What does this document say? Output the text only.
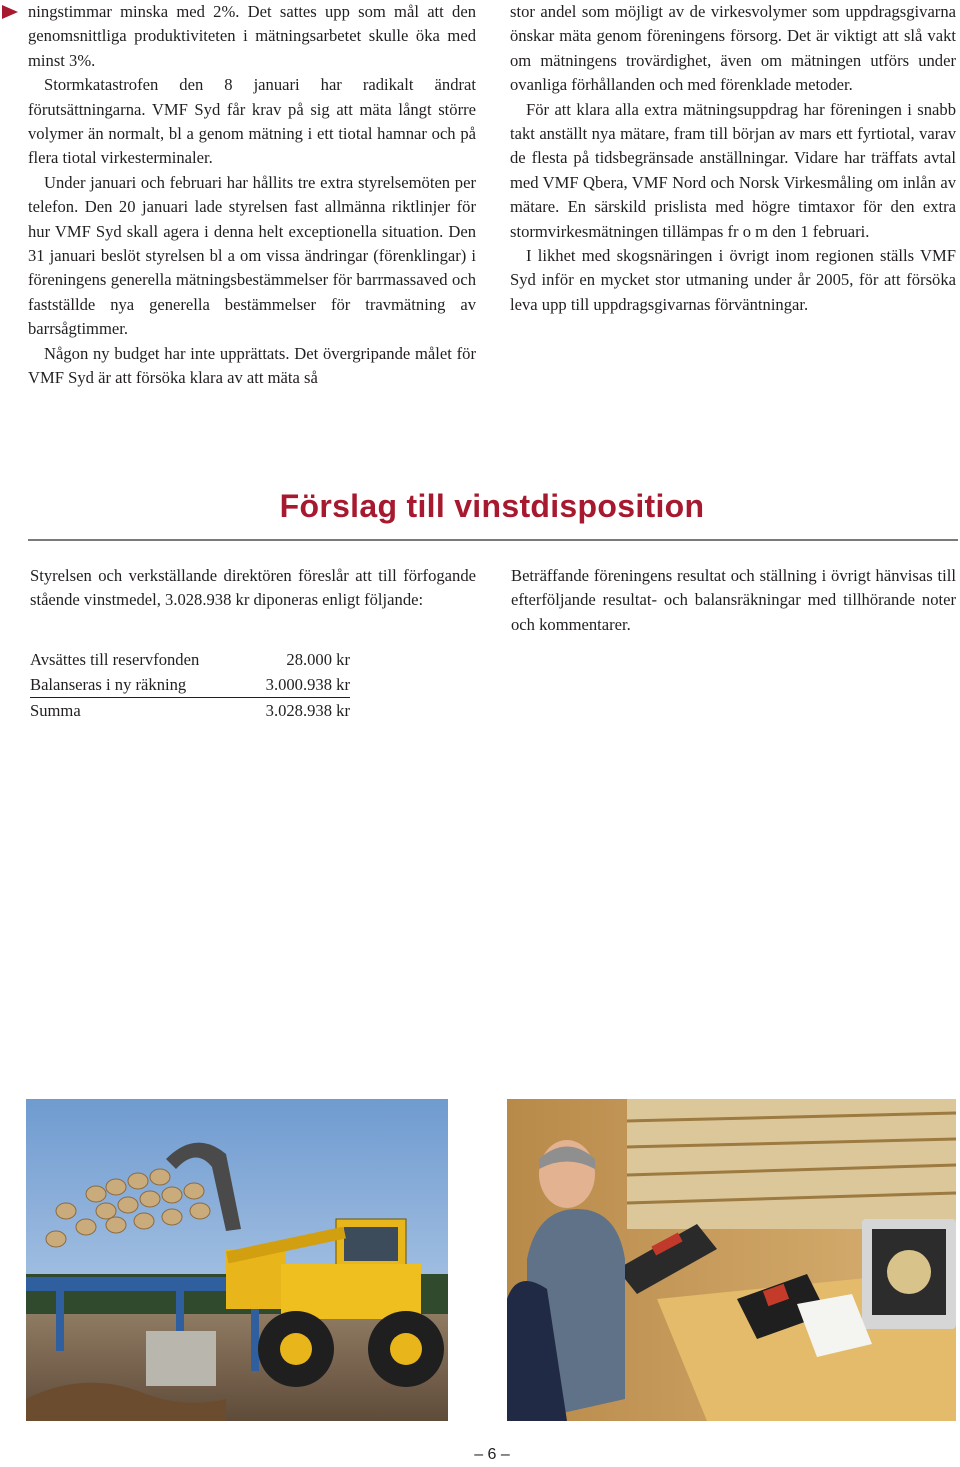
ningstimmar minska med 2%. Det sattes upp som mål att den genomsnittliga produktiviteten i mätningsarbetet skulle öka med minst 3%.

Stormkatastrofen den 8 januari har radikalt ändrat förutsättningarna. VMF Syd får krav på sig att mäta långt större volymer än normalt, bl a genom mätning i ett tiotal hamnar och på flera tiotal virkesterminaler.

Under januari och februari har hållits tre extra styrelsemöten per telefon. Den 20 januari lade styrelsen fast allmänna riktlinjer för hur VMF Syd skall agera i denna helt exceptionella situation. Den 31 januari beslöt styrelsen bl a om vissa ändringar (förenklingar) i föreningens generella mätningsbestämmelser för barrmassaved och fastställde nya generella bestämmelser för travmätning av barrsågtimmer.

Någon ny budget har inte upprättats. Det övergripande målet för VMF Syd är att försöka klara av att mäta så

stor andel som möjligt av de virkesvolymer som uppdragsgivarna önskar mäta genom föreningens försorg. Det är viktigt att slå vakt om mätningens trovärdighet, även om mätningen utförs under ovanliga förhållanden och med förenklade metoder.

För att klara alla extra mätningsuppdrag har föreningen i snabb takt anställt nya mätare, fram till början av mars ett fyrtiotal, varav de flesta på tidsbegränsade anställningar. Vidare har träffats avtal med VMF Qbera, VMF Nord och Norsk Virkesmåling om inlån av mätare. En särskild prislista med högre timtaxor för den extra stormvirkesmätningen tillämpas fr o m den 1 februari.

I likhet med skogsnäringen i övrigt inom regionen ställs VMF Syd inför en mycket stor utmaning under år 2005, för att försöka leva upp till uppdragsgivarnas förväntningar.

Förslag till vinstdisposition
Styrelsen och verkställande direktören föreslår att till förfogande stående vinstmedel, 3.028.938 kr diponeras enligt följande:
Beträffande föreningens resultat och ställning i övrigt hänvisas till efterföljande resultat- och balansräkningar med tillhörande noter och kommentarer.
Avsättes till reservfonden	28.000 kr
Balanseras i ny räkning	3.000.938 kr
Summa	3.028.938 kr
– 6 –
